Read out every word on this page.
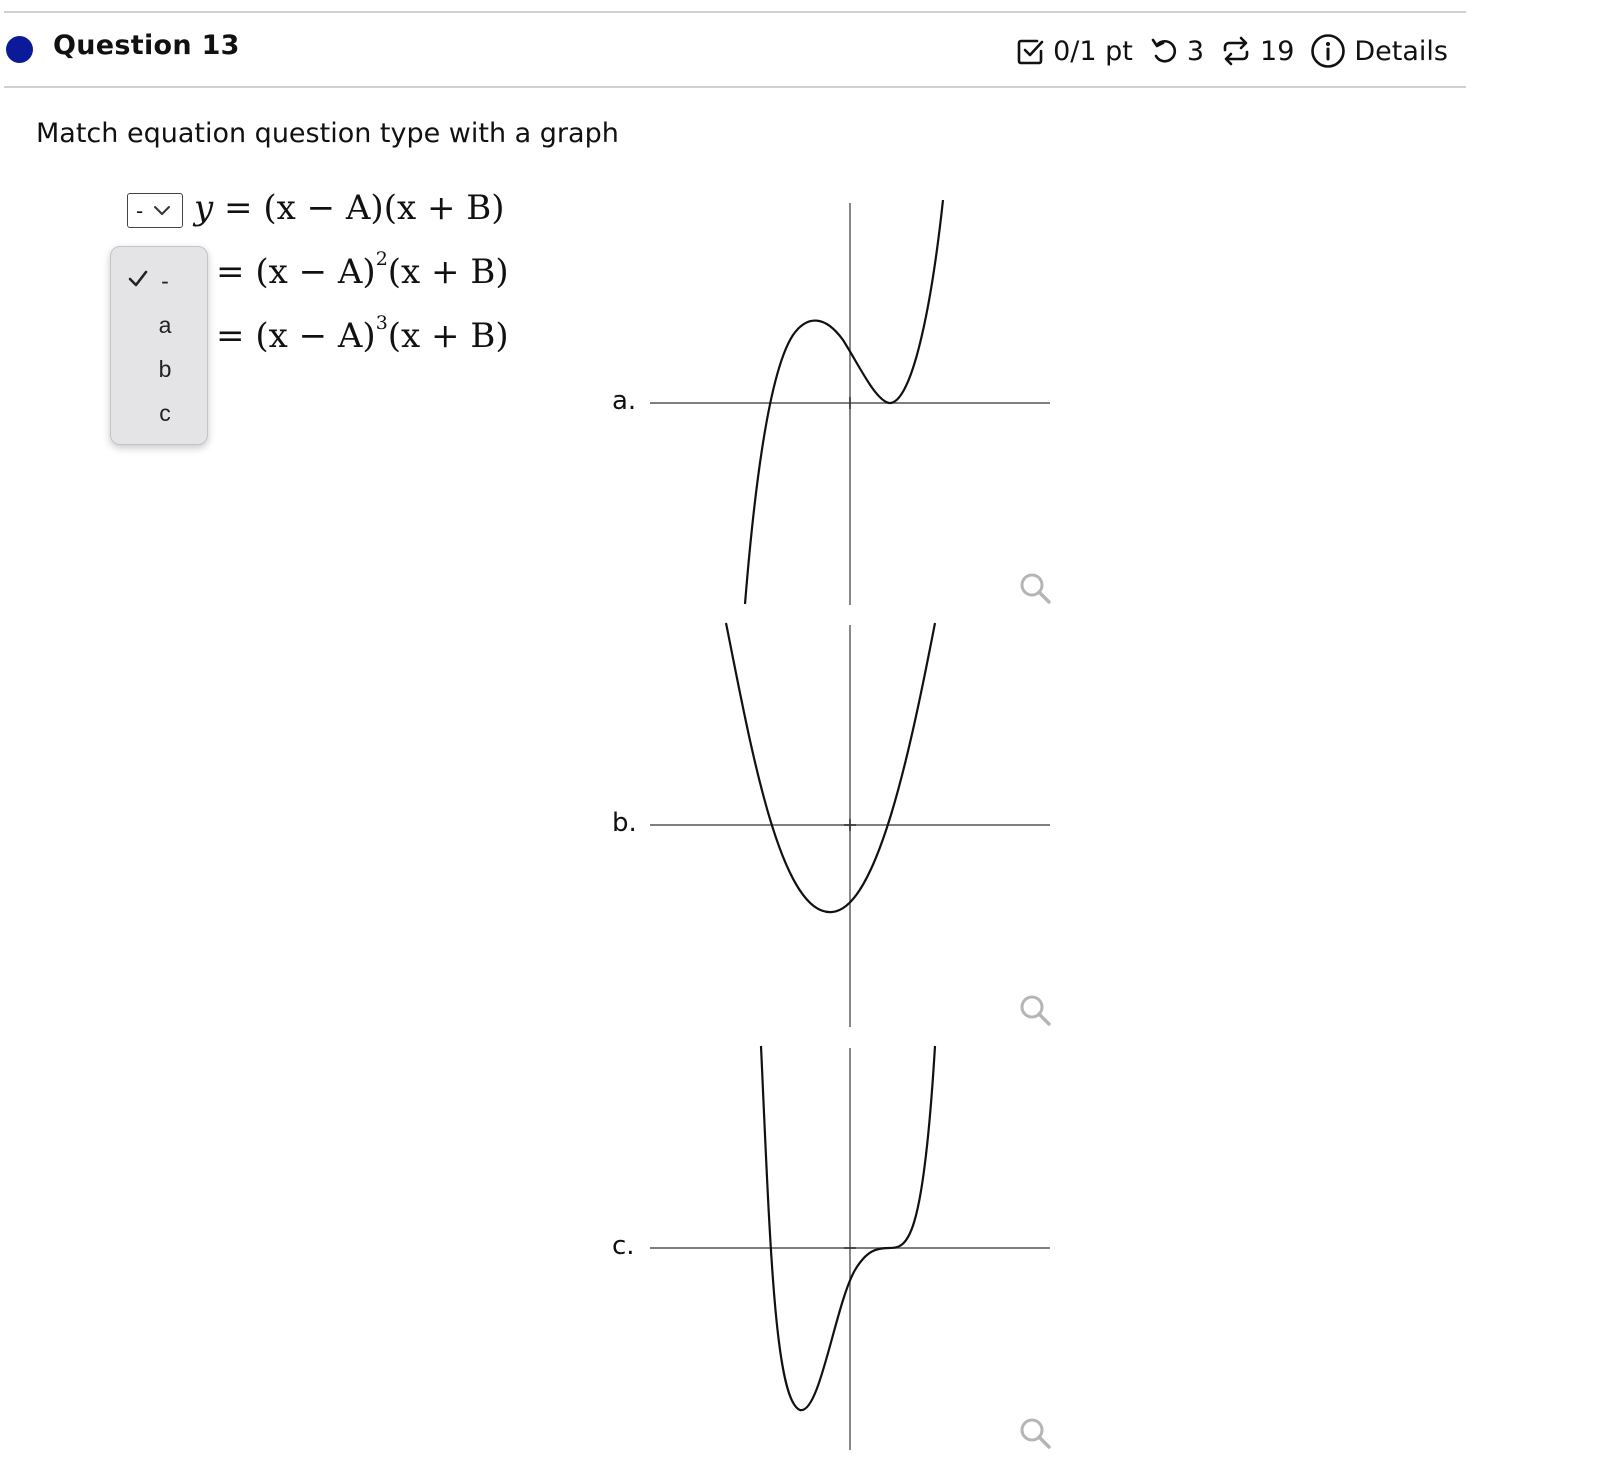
Question 13	0/1 pt 3 19 Details
Match equation question type with a graph
- y = (x − A)(x + B)
= $(x - A)^2(x + B)$
= $(x - A)^3(x + B)$
-
a
b
c	a.
b.
c.
